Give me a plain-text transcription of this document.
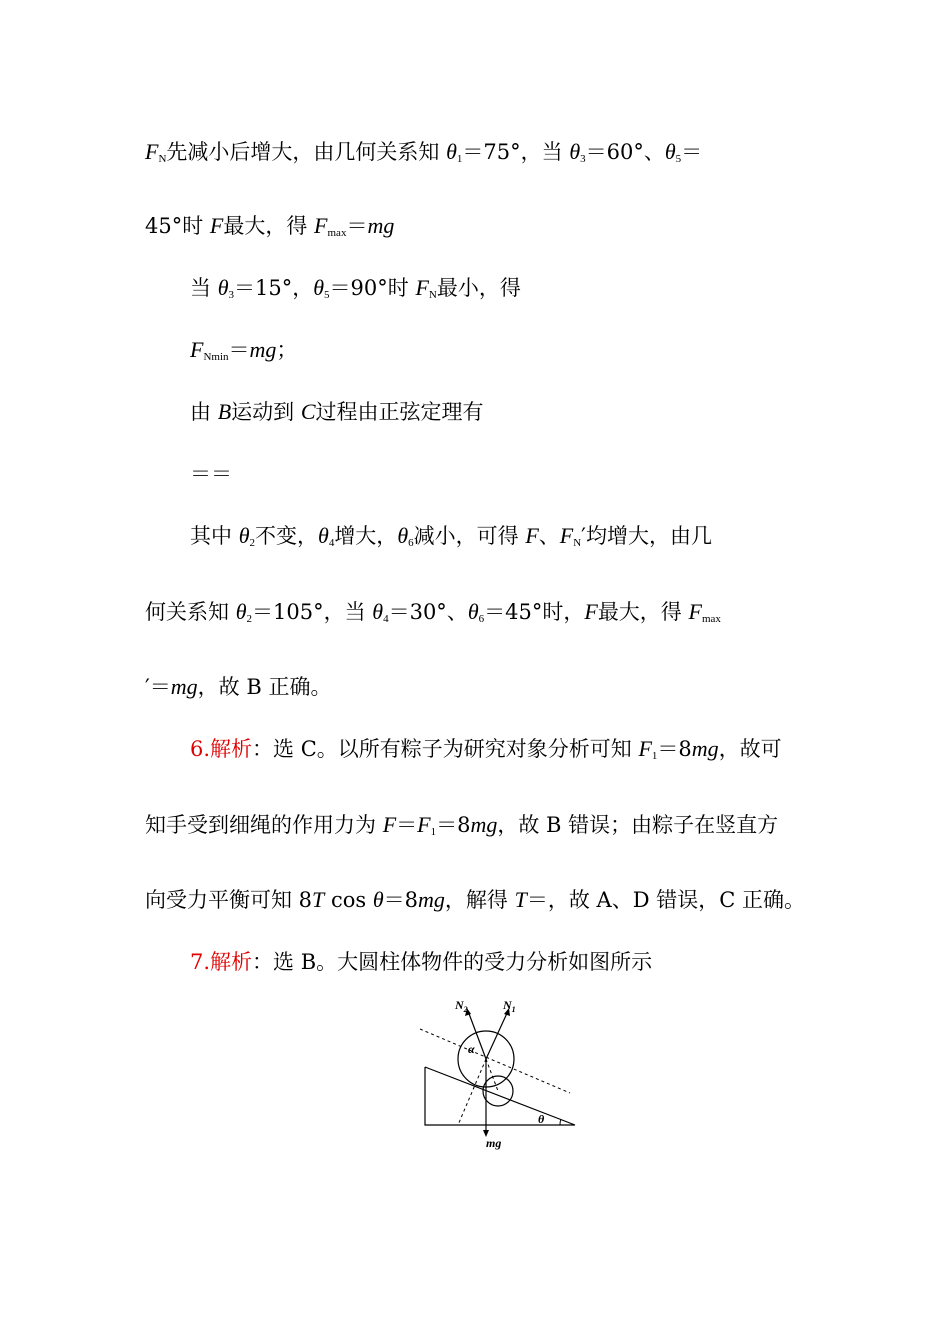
$F_N$先减小后增大，由几何关系知 $\theta_1=75^\circ$，当 $\theta_3=60^\circ$、$\theta_5=$
45°时 F最大，得 $F_{max}=mg$
当 $\theta_3=15^\circ$，$\theta_5=90^\circ$时 $F_N$最小，得
$F_{Nmin}=mg$；
由 B运动到 C过程由正弦定理有
＝＝
其中 $\theta_2$不变，$\theta_4$增大，$\theta_6$减小，可得 F、$F_N'$均增大，由几
何关系知 $\theta_2=105^\circ$，当 $\theta_4=30^\circ$、$\theta_6=45^\circ$时，F最大，得 $F_{max}$
′＝mg，故 B 正确。
6.解析：选 C。以所有粽子为研究对象分析可知 $F_1=8mg$，故可
知手受到细绳的作用力为 $F=F_1=8mg$，故 B 错误；由粽子在竖直方
向受力平衡可知 8T cos θ＝8mg，解得 T＝，故 A、D 错误，C 正确。
7.解析：选 B。大圆柱体物件的受力分析如图所示
$N_2$	$N_1$
α
θ
mg
